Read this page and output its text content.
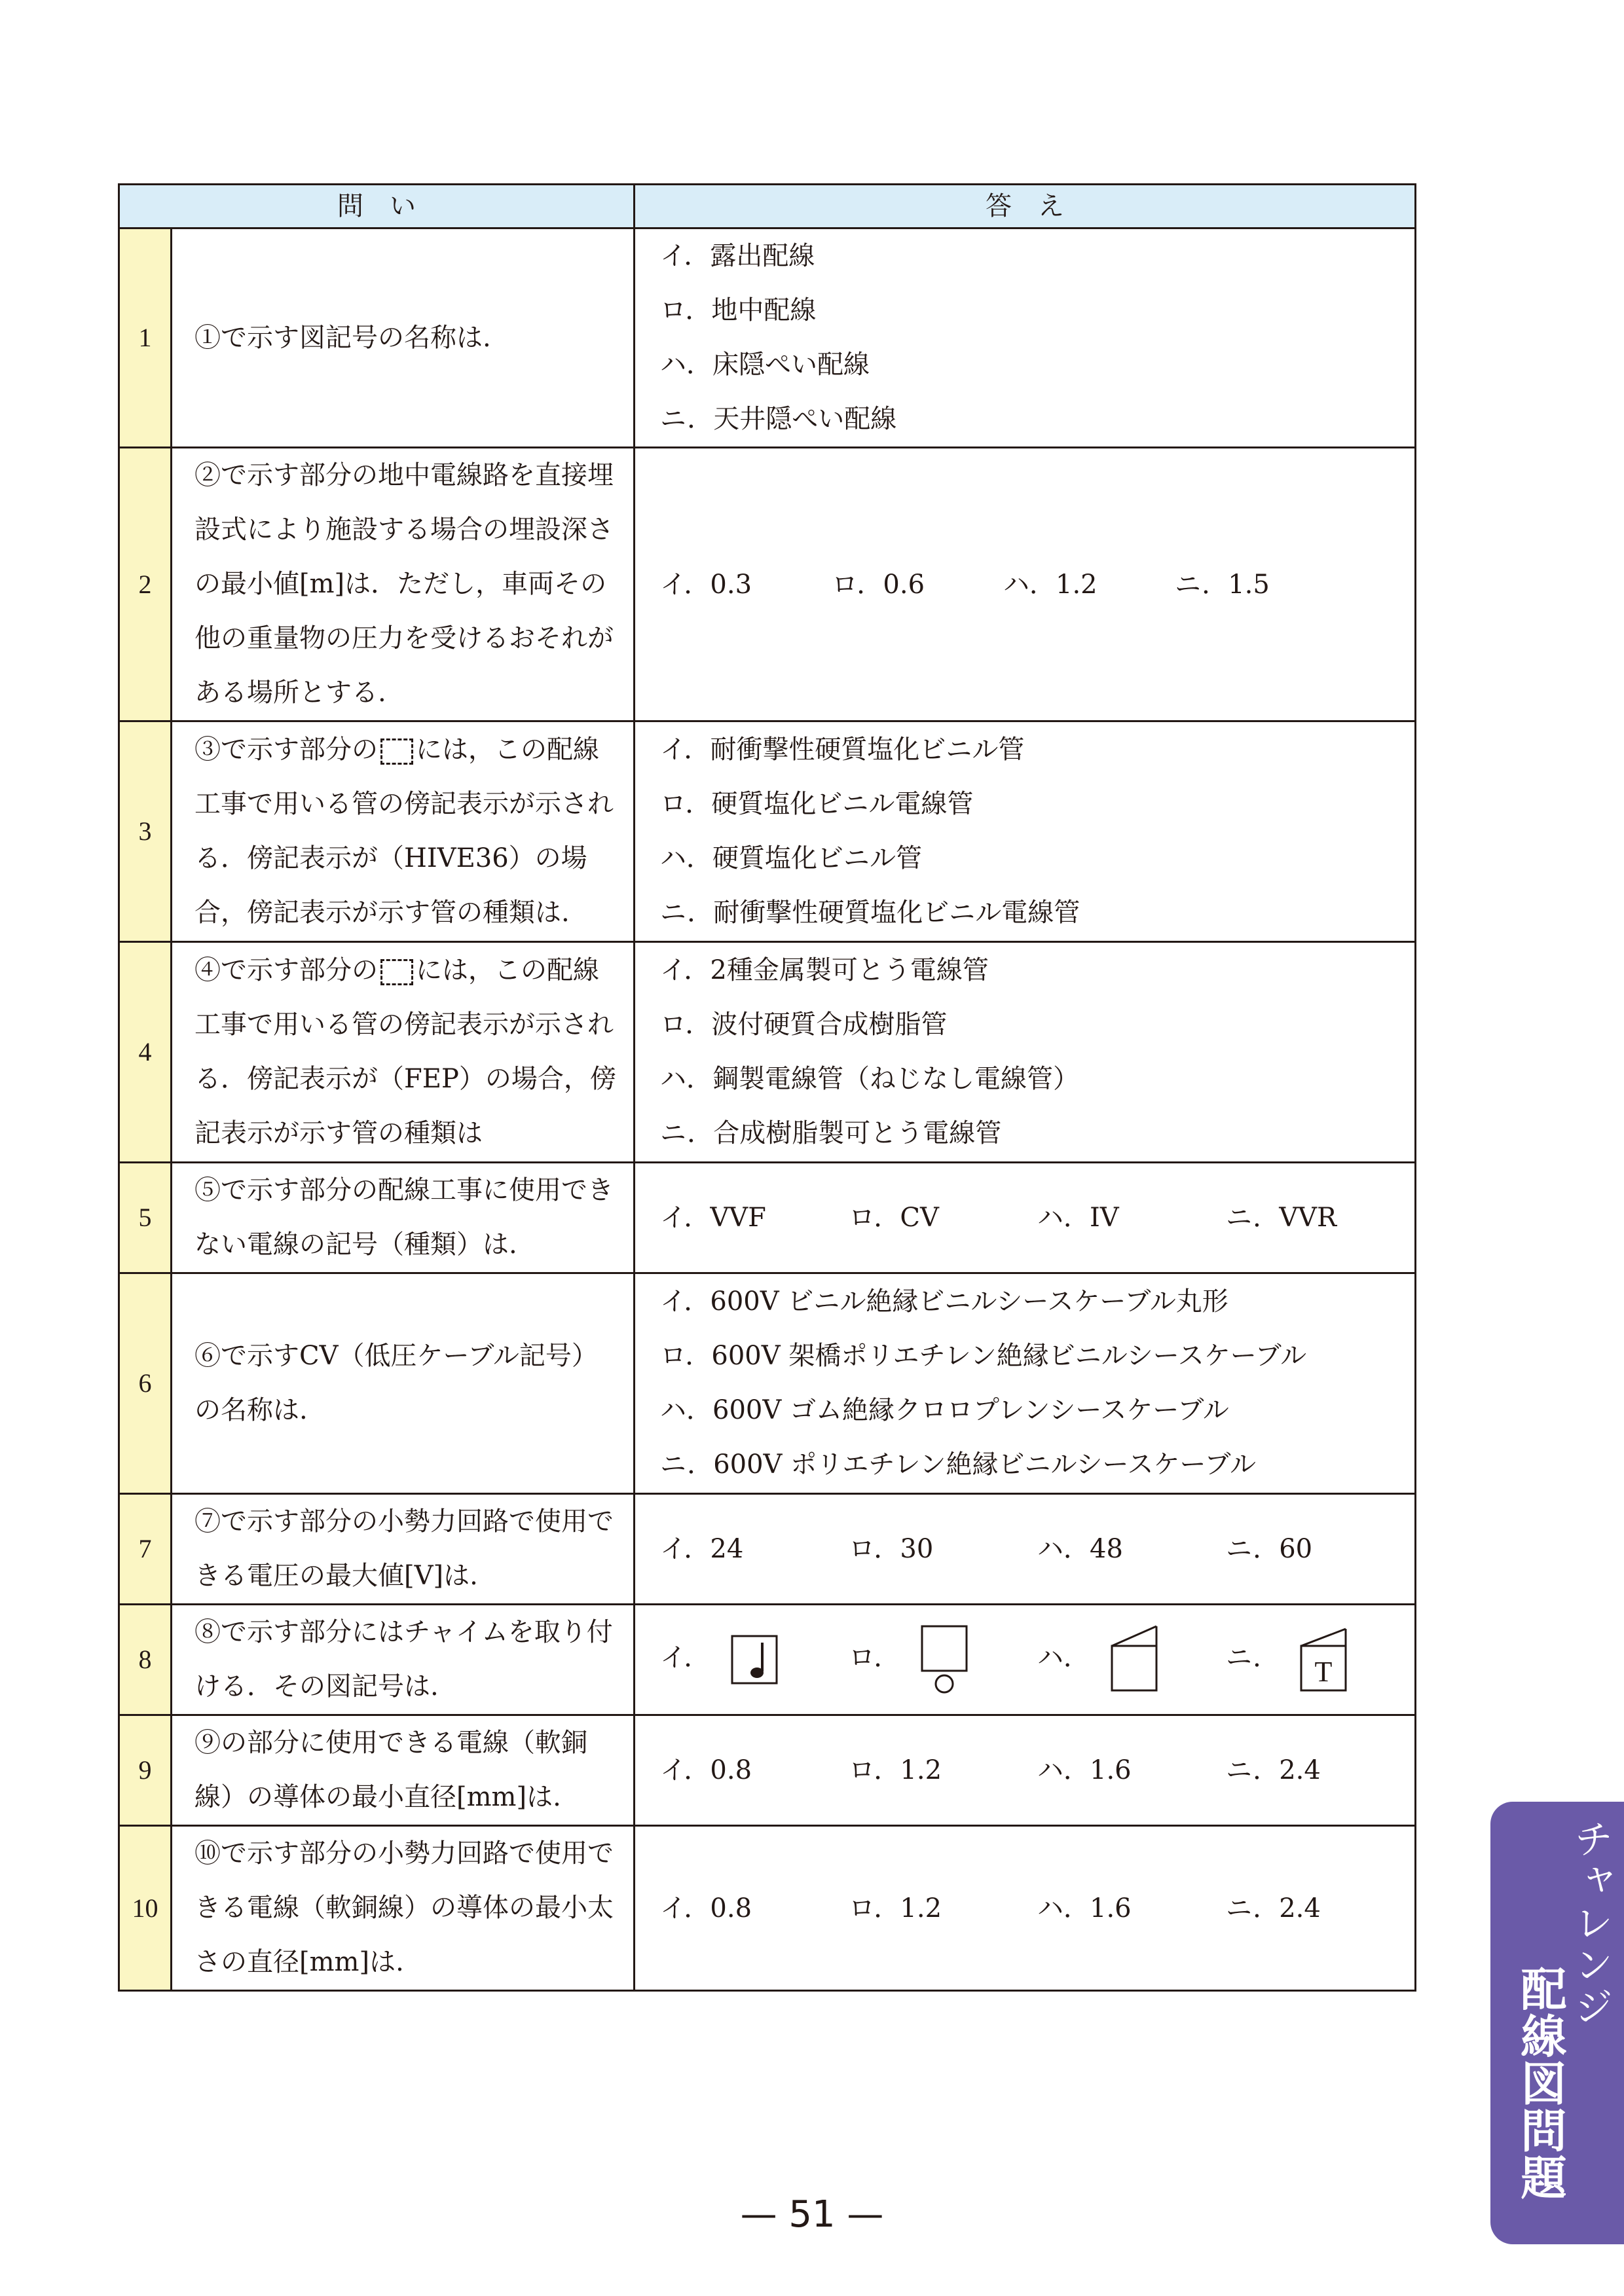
問　い		答　え
1	①で示す図記号の名称は.	イ．露出配線
ロ．地中配線
ハ．床隠ぺい配線
ニ．天井隠ぺい配線

2	②で示す部分の地中電線路を直接埋設式により施設する場合の埋設深さの最小値[m]は．ただし，車両その他の重量物の圧力を受けるおそれがある場所とする.	イ．0.3 ロ．0.6 ハ．1.2 ニ．1.5

3	③で示す部分の には，この配線工事で用いる管の傍記表示が示される．傍記表示が（HIVE36）の場合，傍記表示が示す管の種類は.	イ．耐衝撃性硬質塩化ビニル管
ロ．硬質塩化ビニル電線管
ハ．硬質塩化ビニル管
ニ．耐衝撃性硬質塩化ビニル電線管

4	④で示す部分の には，この配線工事で用いる管の傍記表示が示される．傍記表示が（FEP）の場合，傍記表示が示す管の種類は	イ．2種金属製可とう電線管
ロ．波付硬質合成樹脂管
ハ．鋼製電線管（ねじなし電線管）
ニ．合成樹脂製可とう電線管

5	⑤で示す部分の配線工事に使用できない電線の記号（種類）は.	イ．VVF ロ．CV ハ．IV ニ．VVR

6	⑥で示すCV（低圧ケーブル記号）の名称は.	イ．600V ビニル絶縁ビニルシースケーブル丸形
ロ．600V 架橋ポリエチレン絶縁ビニルシースケーブル
ハ．600V ゴム絶縁クロロプレンシースケーブル
ニ．600V ポリエチレン絶縁ビニルシースケーブル

7	⑦で示す部分の小勢力回路で使用できる電圧の最大値[V]は.	イ．24 ロ．30 ハ．48 ニ．60

8	⑧で示す部分にはチャイムを取り付ける．その図記号は.	イ． ロ． ハ． ニ． T

9	⑨の部分に使用できる電線（軟銅線）の導体の最小直径[mm]は.	イ．0.8 ロ．1.2 ハ．1.6 ニ．2.4

10	⑩で示す部分の小勢力回路で使用できる電線（軟銅線）の導体の最小太さの直径[mm]は.	イ．0.8 ロ．1.2 ハ．1.6 ニ．2.4	チャレンジ
配線図問題
— 51 —
